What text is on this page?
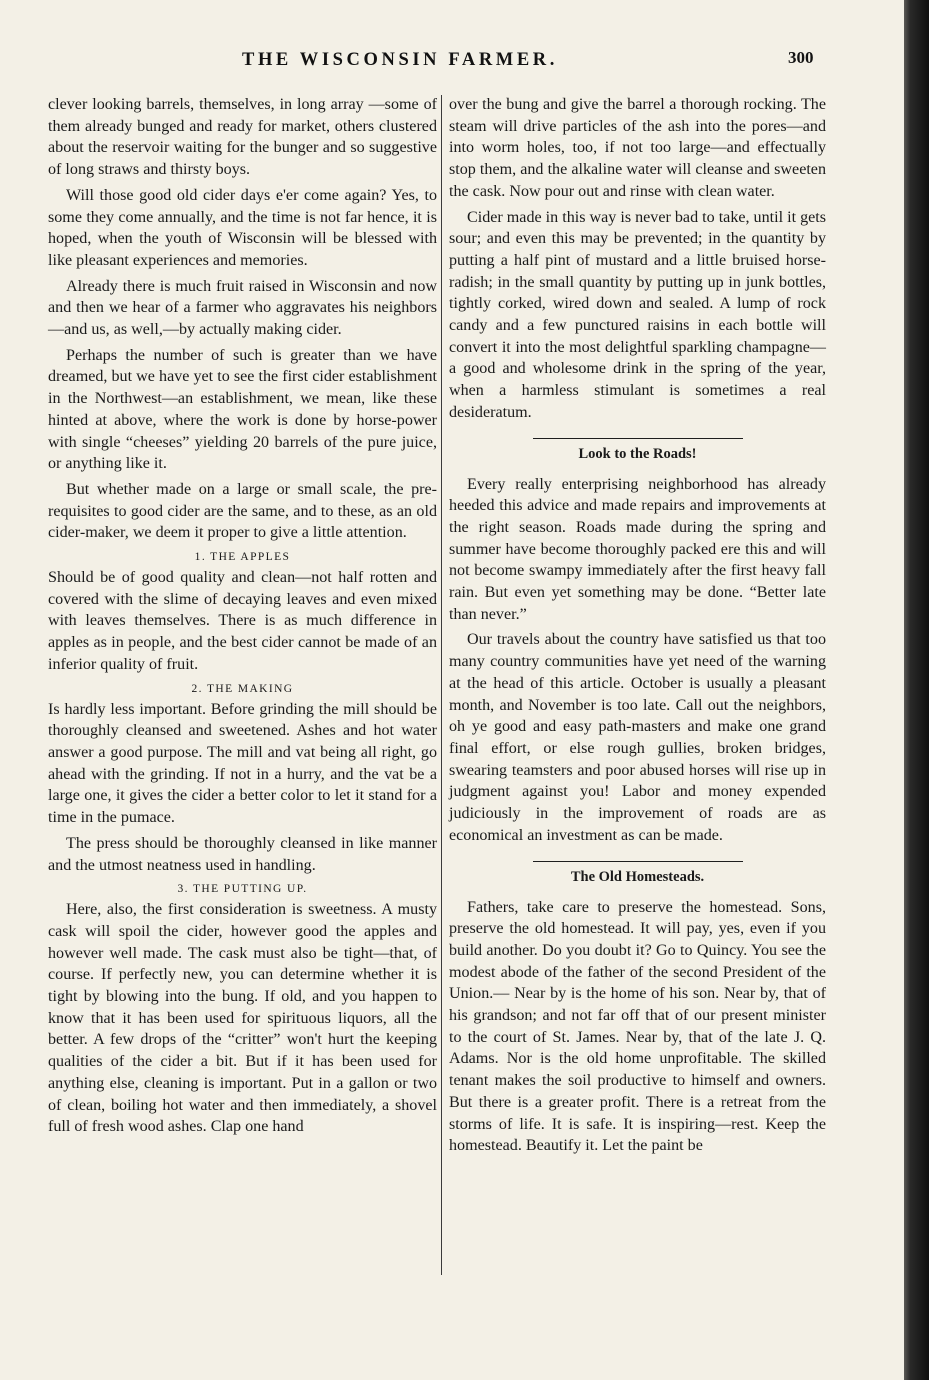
THE WISCONSIN FARMER.	300

clever looking barrels, themselves, in long array —some of them already bunged and ready for market, others clustered about the reservoir waiting for the bunger and so suggestive of long straws and thirsty boys.

Will those good old cider days e'er come again? Yes, to some they come annually, and the time is not far hence, it is hoped, when the youth of Wisconsin will be blessed with like pleasant experiences and memories.

Already there is much fruit raised in Wisconsin and now and then we hear of a farmer who aggravates his neighbors—and us, as well,—by actually making cider.

Perhaps the number of such is greater than we have dreamed, but we have yet to see the first cider establishment in the Northwest—an establishment, we mean, like these hinted at above, where the work is done by horse-power with single “cheeses” yielding 20 barrels of the pure juice, or anything like it.

But whether made on a large or small scale, the pre-requisites to good cider are the same, and to these, as an old cider-maker, we deem it proper to give a little attention.

1. THE APPLES

Should be of good quality and clean—not half rotten and covered with the slime of decaying leaves and even mixed with leaves themselves. There is as much difference in apples as in people, and the best cider cannot be made of an inferior quality of fruit.

2. THE MAKING

Is hardly less important. Before grinding the mill should be thoroughly cleansed and sweetened. Ashes and hot water answer a good purpose. The mill and vat being all right, go ahead with the grinding. If not in a hurry, and the vat be a large one, it gives the cider a better color to let it stand for a time in the pumace.

The press should be thoroughly cleansed in like manner and the utmost neatness used in handling.

3. THE PUTTING UP.

Here, also, the first consideration is sweetness. A musty cask will spoil the cider, however good the apples and however well made. The cask must also be tight—that, of course. If perfectly new, you can determine whether it is tight by blowing into the bung. If old, and you happen to know that it has been used for spirituous liquors, all the better. A few drops of the “critter” won't hurt the keeping qualities of the cider a bit. But if it has been used for anything else, cleaning is important. Put in a gallon or two of clean, boiling hot water and then immediately, a shovel full of fresh wood ashes. Clap one hand

over the bung and give the barrel a thorough rocking. The steam will drive particles of the ash into the pores—and into worm holes, too, if not too large—and effectually stop them, and the alkaline water will cleanse and sweeten the cask. Now pour out and rinse with clean water.

Cider made in this way is never bad to take, until it gets sour; and even this may be prevented; in the quantity by putting a half pint of mustard and a little bruised horse-radish; in the small quantity by putting up in junk bottles, tightly corked, wired down and sealed. A lump of rock candy and a few punctured raisins in each bottle will convert it into the most delightful sparkling champagne—a good and wholesome drink in the spring of the year, when a harmless stimulant is sometimes a real desideratum.

Look to the Roads!

Every really enterprising neighborhood has already heeded this advice and made repairs and improvements at the right season. Roads made during the spring and summer have become thoroughly packed ere this and will not become swampy immediately after the first heavy fall rain. But even yet something may be done. “Better late than never.”

Our travels about the country have satisfied us that too many country communities have yet need of the warning at the head of this article. October is usually a pleasant month, and November is too late. Call out the neighbors, oh ye good and easy path-masters and make one grand final effort, or else rough gullies, broken bridges, swearing teamsters and poor abused horses will rise up in judgment against you! Labor and money expended judiciously in the improvement of roads are as economical an investment as can be made.

The Old Homesteads.

Fathers, take care to preserve the homestead. Sons, preserve the old homestead. It will pay, yes, even if you build another. Do you doubt it? Go to Quincy. You see the modest abode of the father of the second President of the Union.— Near by is the home of his son. Near by, that of his grandson; and not far off that of our present minister to the court of St. James. Near by, that of the late J. Q. Adams. Nor is the old home unprofitable. The skilled tenant makes the soil productive to himself and owners. But there is a greater profit. There is a retreat from the storms of life. It is safe. It is inspiring—rest. Keep the homestead. Beautify it. Let the paint be
